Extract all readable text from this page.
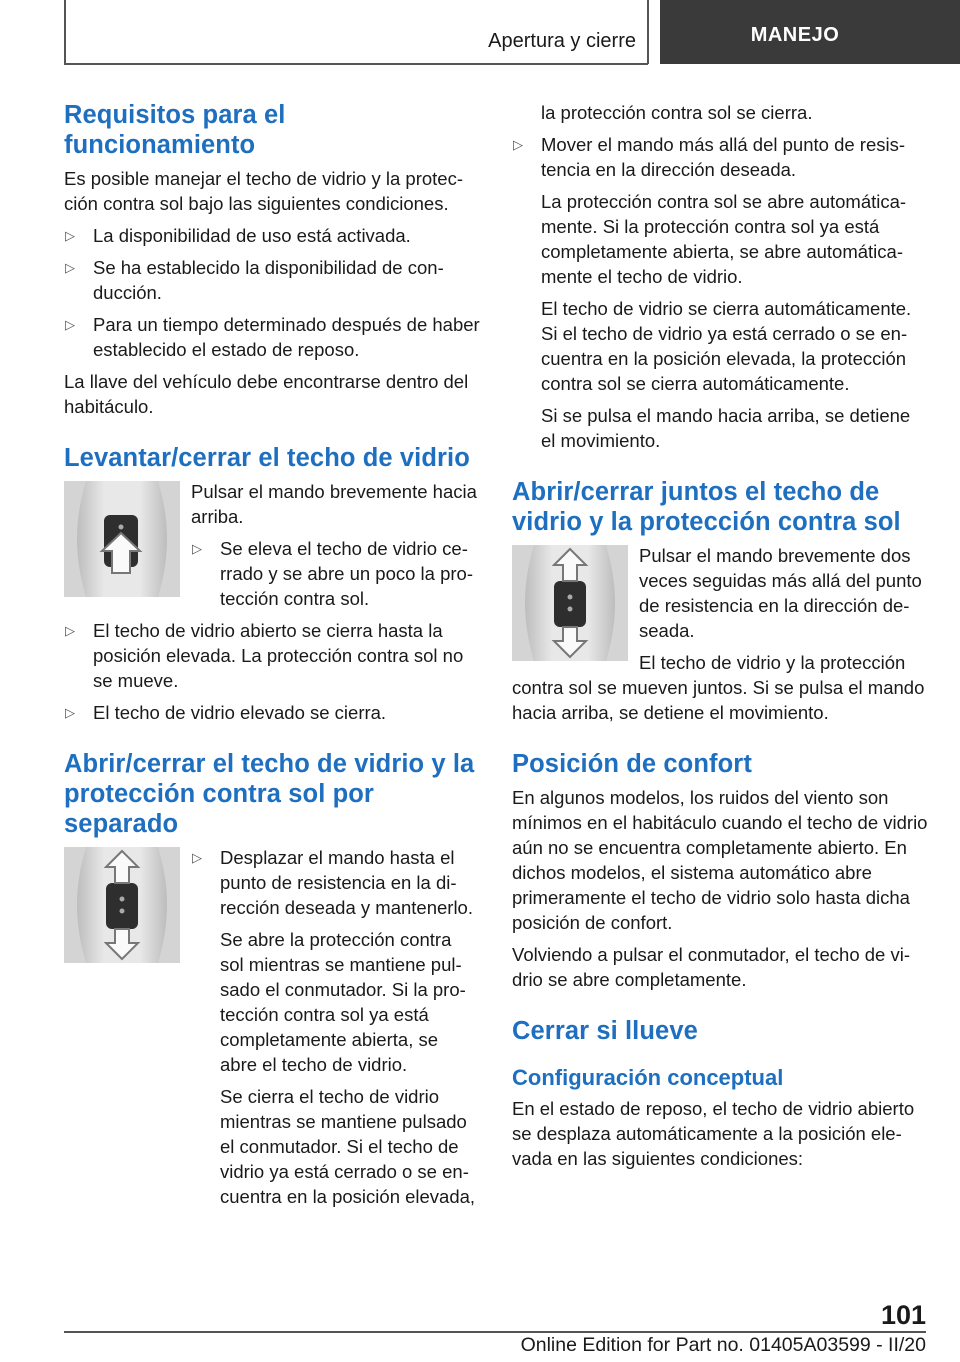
Apertura y cierre	MANEJO
Requisitos para el funcionamiento

Es posible manejar el techo de vidrio y la protección contra sol bajo las siguientes condiciones.

▷ La disponibilidad de uso está activada.
▷ Se ha establecido la disponibilidad de conducción.
▷ Para un tiempo determinado después de haber establecido el estado de reposo.

La llave del vehículo debe encontrarse dentro del habitáculo.

Levantar/cerrar el techo de vidrio

Pulsar el mando brevemente hacia arriba.

▷ Se eleva el techo de vidrio cerrado y se abre un poco la protección contra sol.
▷ El techo de vidrio abierto se cierra hasta la posición elevada. La protección contra sol no se mueve.
▷ El techo de vidrio elevado se cierra.
Abrir/cerrar el techo de vidrio y la protección contra sol por separado
▷ Desplazar el mando hasta el punto de resistencia en la dirección deseada y mantenerlo.

Se abre la protección contra sol mientras se mantiene pulsado el conmutador. Si la protección contra sol ya está completamente abierta, se abre el techo de vidrio.

Se cierra el techo de vidrio mientras se mantiene pulsado el conmutador. Si el techo de vidrio ya está cerrado o se encuentra en la posición elevada,

la protección contra sol se cierra.

▷ Mover el mando más allá del punto de resistencia en la dirección deseada.

La protección contra sol se abre automáticamente. Si la protección contra sol ya está completamente abierta, se abre automáticamente el techo de vidrio.

El techo de vidrio se cierra automáticamente. Si el techo de vidrio ya está cerrado o se encuentra en la posición elevada, la protección contra sol se cierra automáticamente.

Si se pulsa el mando hacia arriba, se detiene el movimiento.

Abrir/cerrar juntos el techo de vidrio y la protección contra sol

Pulsar el mando brevemente dos veces seguidas más allá del punto de resistencia en la dirección deseada.

El techo de vidrio y la protección

contra sol se mueven juntos. Si se pulsa el mando hacia arriba, se detiene el movimiento.

Posición de confort

En algunos modelos, los ruidos del viento son mínimos en el habitáculo cuando el techo de vidrio aún no se encuentra completamente abierto. En dichos modelos, el sistema automático abre primeramente el techo de vidrio solo hasta dicha posición de confort.

Volviendo a pulsar el conmutador, el techo de vidrio se abre completamente.

Cerrar si llueve
Configuración conceptual

En el estado de reposo, el techo de vidrio abierto se desplaza automáticamente a la posición elevada en las siguientes condiciones:

101
Online Edition for Part no. 01405A03599 - II/20
